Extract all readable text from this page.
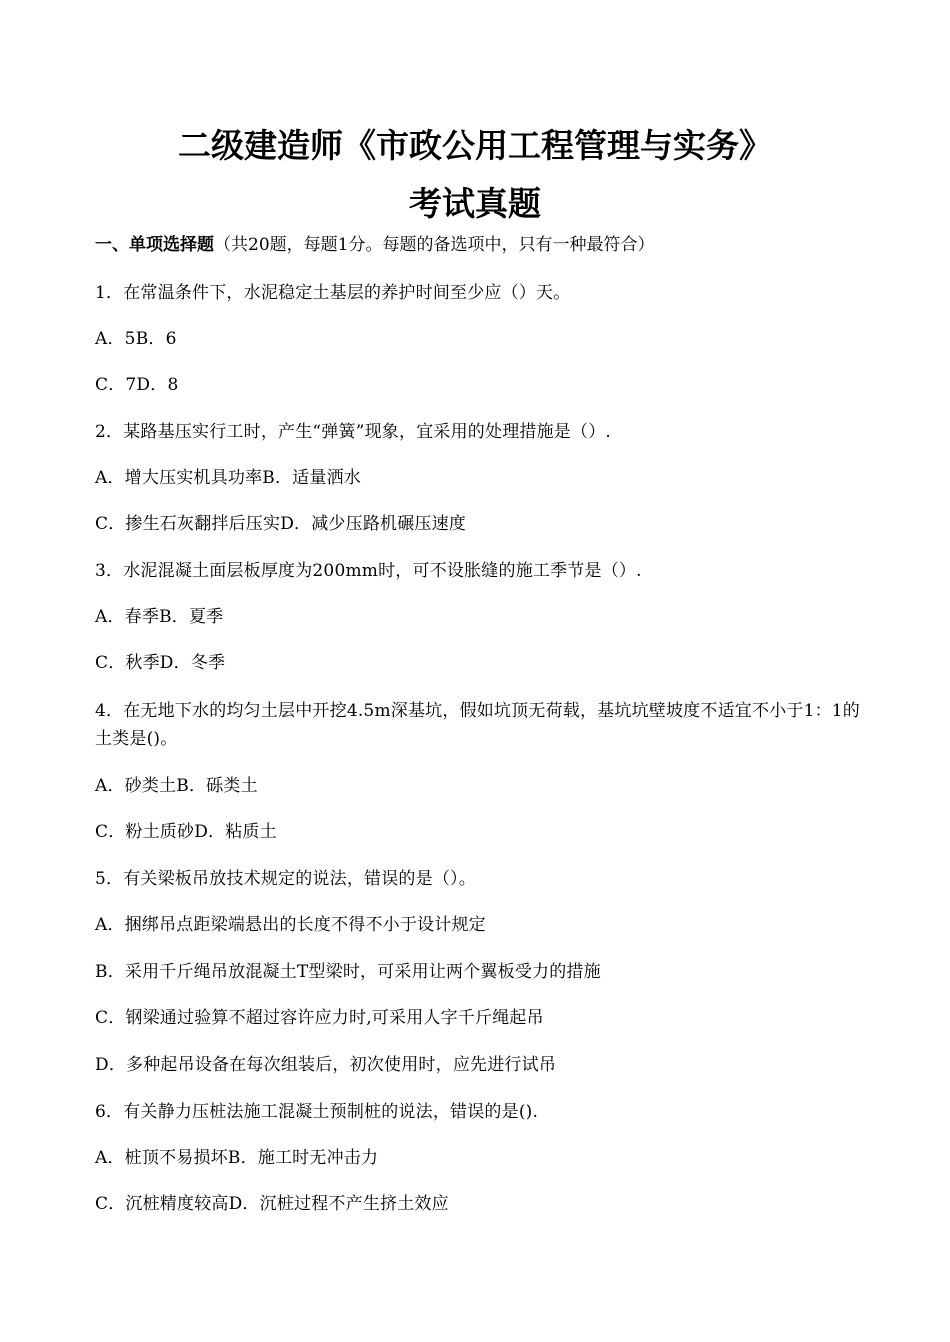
二级建造师《市政公用工程管理与实务》
考试真题
一、单项选择题（共20题，每题1分。每题的备选项中，只有一种最符合）
1．在常温条件下，水泥稳定土基层的养护时间至少应（）天。
A．5B．6
C．7D．8
2．某路基压实行工时，产生“弹簧”现象，宜采用的处理措施是（）.
A．增大压实机具功率B．适量洒水
C．掺生石灰翻拌后压实D．减少压路机碾压速度
3．水泥混凝土面层板厚度为200mm时，可不设胀缝的施工季节是（）.
A．春季B．夏季
C．秋季D．冬季
4．在无地下水的均匀土层中开挖4.5m深基坑，假如坑顶无荷载，基坑坑壁坡度不适宜不小于1：1的土类是()。
A．砂类土B．砾类土
C．粉土质砂D．粘质土
5．有关梁板吊放技术规定的说法，错误的是（）。
A．捆绑吊点距梁端悬出的长度不得不小于设计规定
B．采用千斤绳吊放混凝土T型梁时，可采用让两个翼板受力的措施
C．钢梁通过验算不超过容许应力时,可采用人字千斤绳起吊
D．多种起吊设备在每次组装后，初次使用时，应先进行试吊
6．有关静力压桩法施工混凝土预制桩的说法，错误的是().
A．桩顶不易损坏B．施工时无冲击力
C．沉桩精度较高D．沉桩过程不产生挤土效应
